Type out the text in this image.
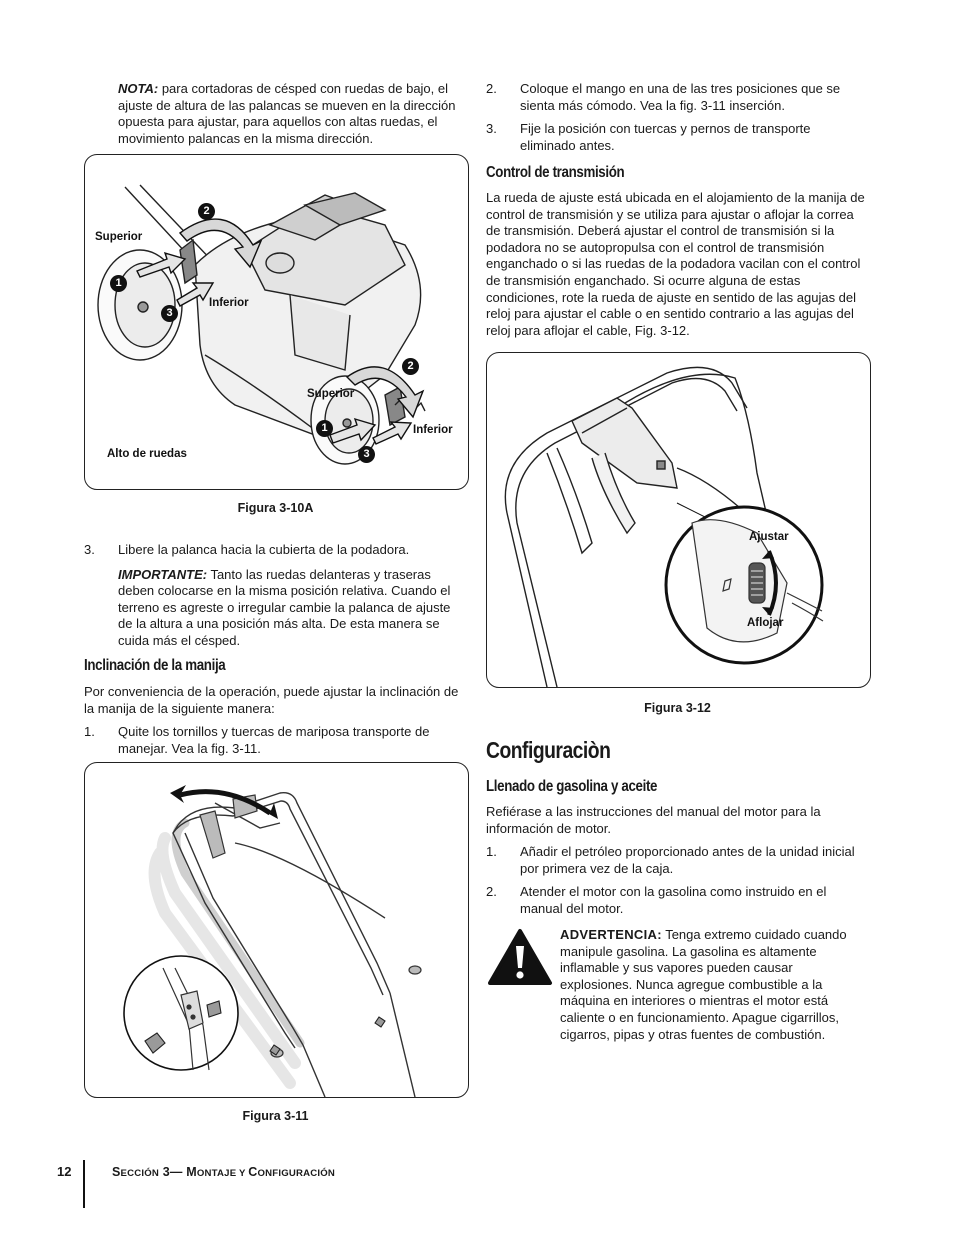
NOTA: para cortadoras de césped con ruedas de bajo, el ajuste de altura de las palancas se mueven en la dirección opuesta para ajustar, para aquellos con altas ruedas, el movimiento palancas en la misma dirección.

Superior
Inferior
Superior
Inferior
Alto de ruedas
2
1
3
2
1
3
Figura 3-10A
3. Libere la palanca hacia la cubierta de la podadora.

IMPORTANTE: Tanto las ruedas delanteras y traseras deben colocarse en la misma posición relativa. Cuando el terreno es agreste o irregular cambie la palanca de ajuste de la altura a una posición más alta. De esta manera se cuida más el césped.

Inclinación de la manija

Por conveniencia de la operación, puede ajustar la inclinación de la manija de la siguiente manera:

1. Quite los tornillos y tuercas de mariposa transporte de manejar. Vea la fig. 3-11.
Figura 3-11
2. Coloque el mango en una de las tres posiciones que se sienta más cómodo. Vea la fig. 3-11 inserción.
3. Fije la posición con tuercas y pernos de transporte eliminado antes.
Control de transmisión

La rueda de ajuste está ubicada en el alojamiento de la manija de control de transmisión y se utiliza para ajustar o aflojar la correa de transmisión. Deberá ajustar el control de transmisión si la podadora no se autopropulsa con el control de transmisión enganchado o si las ruedas de la podadora vacilan con el control de transmisión enganchado. Si ocurre alguna de estas condiciones, rote la rueda de ajuste en sentido de las agujas del reloj para ajustar el cable o en sentido contrario a las agujas del reloj para aflojar el cable, Fig. 3-12.

Ajustar
Aflojar
Figura 3-12
Configuraciòn
Llenado de gasolina y aceite

Refiérase a las instrucciones del manual del motor para la información de motor.

1. Añadir el petróleo proporcionado antes de la unidad inicial por primera vez de la caja.
2. Atender el motor con la gasolina como instruido en el manual del motor.

ADVERTENCIA: Tenga extremo cuidado cuando manipule gasolina. La gasolina es altamente inflamable y sus vapores pueden causar explosiones. Nunca agregue combustible a la máquina en interiores o mientras el motor está caliente o en funcionamiento. Apague cigarrillos, cigarros, pipas y otras fuentes de combustión.

12	SECCIÓN 3— MONTAJE Y CONFIGURACIÓN
